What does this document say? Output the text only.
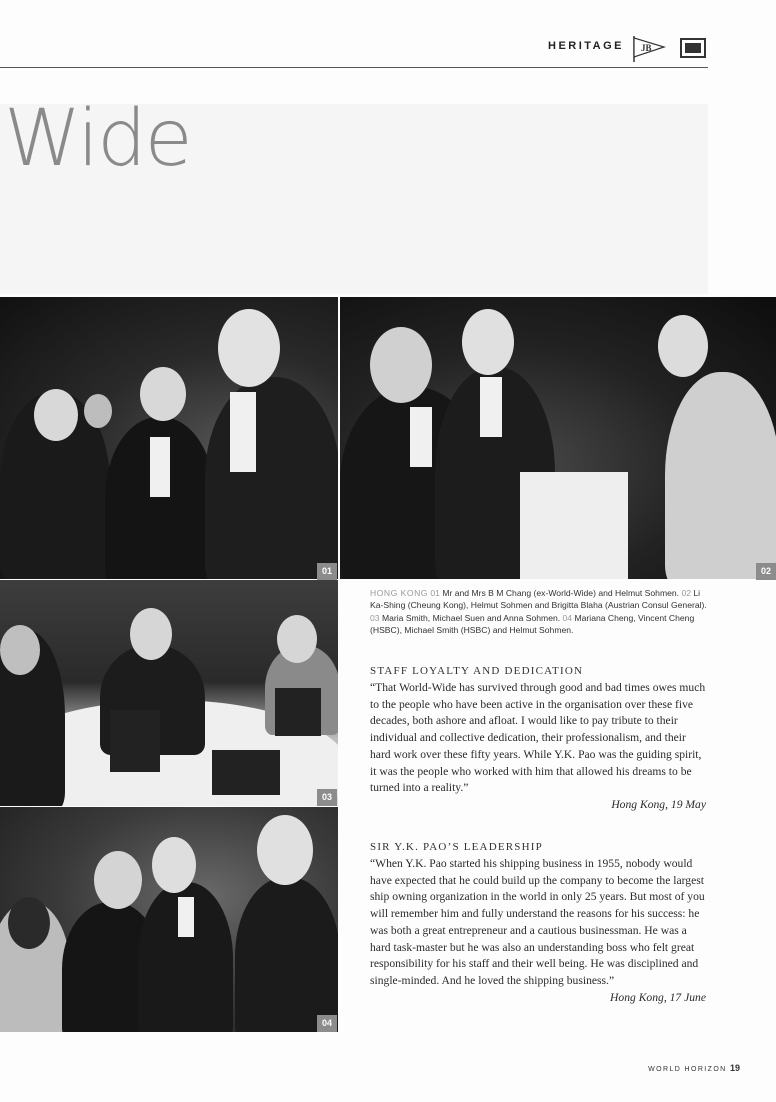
HERITAGE JB
Wide
01	02
03
04
HONG KONG 01 Mr and Mrs B M Chang (ex-World-Wide) and Helmut Sohmen. 02 Li Ka-Shing (Cheung Kong), Helmut Sohmen and Brigitta Blaha (Austrian Consul General). 03 Maria Smith, Michael Suen and Anna Sohmen. 04 Mariana Cheng, Vincent Cheng (HSBC), Michael Smith (HSBC) and Helmut Sohmen.
STAFF LOYALTY AND DEDICATION
“That World-Wide has survived through good and bad times owes much to the people who have been active in the organisation over these five decades, both ashore and afloat. I would like to pay tribute to their individual and collective dedication, their professionalism, and their hard work over these fifty years. While Y.K. Pao was the guiding spirit, it was the people who worked with him that allowed his dreams to be turned into a reality.”
Hong Kong, 19 May
SIR Y.K. PAO’S LEADERSHIP
“When Y.K. Pao started his shipping business in 1955, nobody would have expected that he could build up the company to become the largest ship owning organization in the world in only 25 years. But most of you will remember him and fully understand the reasons for his success: he was both a great entrepreneur and a cautious businessman. He was a hard task-master but he was also an understanding boss who felt great responsibility for his staff and their well being. He was disciplined and single-minded. And he loved the shipping business.”
Hong Kong, 17 June
WORLD HORIZON 19
